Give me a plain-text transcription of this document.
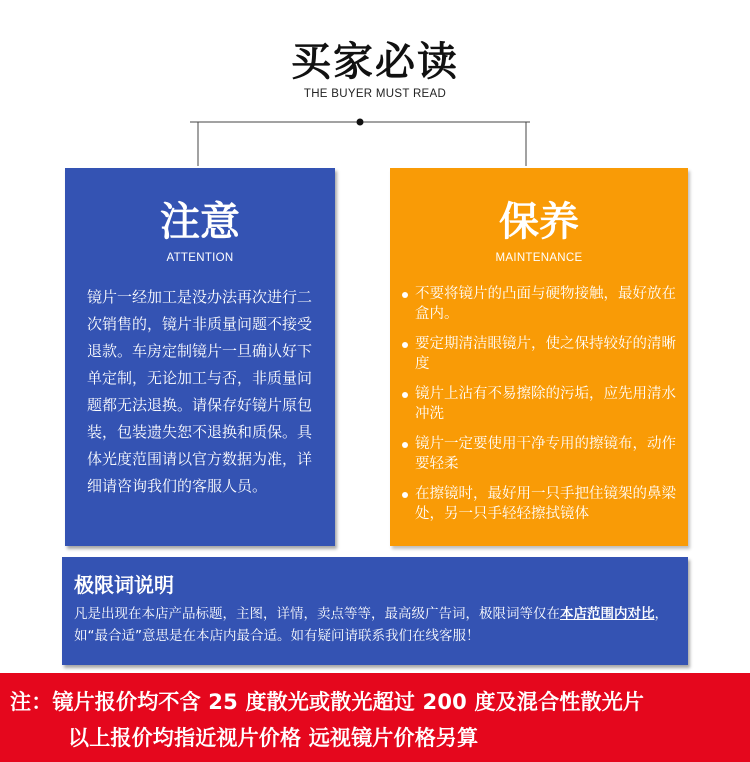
买家必读
THE BUYER MUST READ
注意
ATTENTION
镜片一经加工是没办法再次进行二次销售的，镜片非质量问题不接受退款。车房定制镜片一旦确认好下单定制，无论加工与否，非质量问题都无法退换。请保存好镜片原包装，包装遗失恕不退换和质保。具体光度范围请以官方数据为准，详细请咨询我们的客服人员。
保养
MAINTENANCE
不要将镜片的凸面与硬物接触，最好放在盒内。
要定期清洁眼镜片，使之保持较好的清晰度
镜片上沾有不易擦除的污垢，应先用清水冲洗
镜片一定要使用干净专用的擦镜布，动作要轻柔
在擦镜时，最好用一只手把住镜架的鼻梁处，另一只手轻轻擦拭镜体
极限词说明
凡是出现在本店产品标题，主图，详情，卖点等等，最高级广告词，极限词等仅在本店范围内对比，如“最合适”意思是在本店内最合适。如有疑问请联系我们在线客服！
注：镜片报价均不含 25 度散光或散光超过 200 度及混合性散光片
以上报价均指近视片价格 远视镜片价格另算
